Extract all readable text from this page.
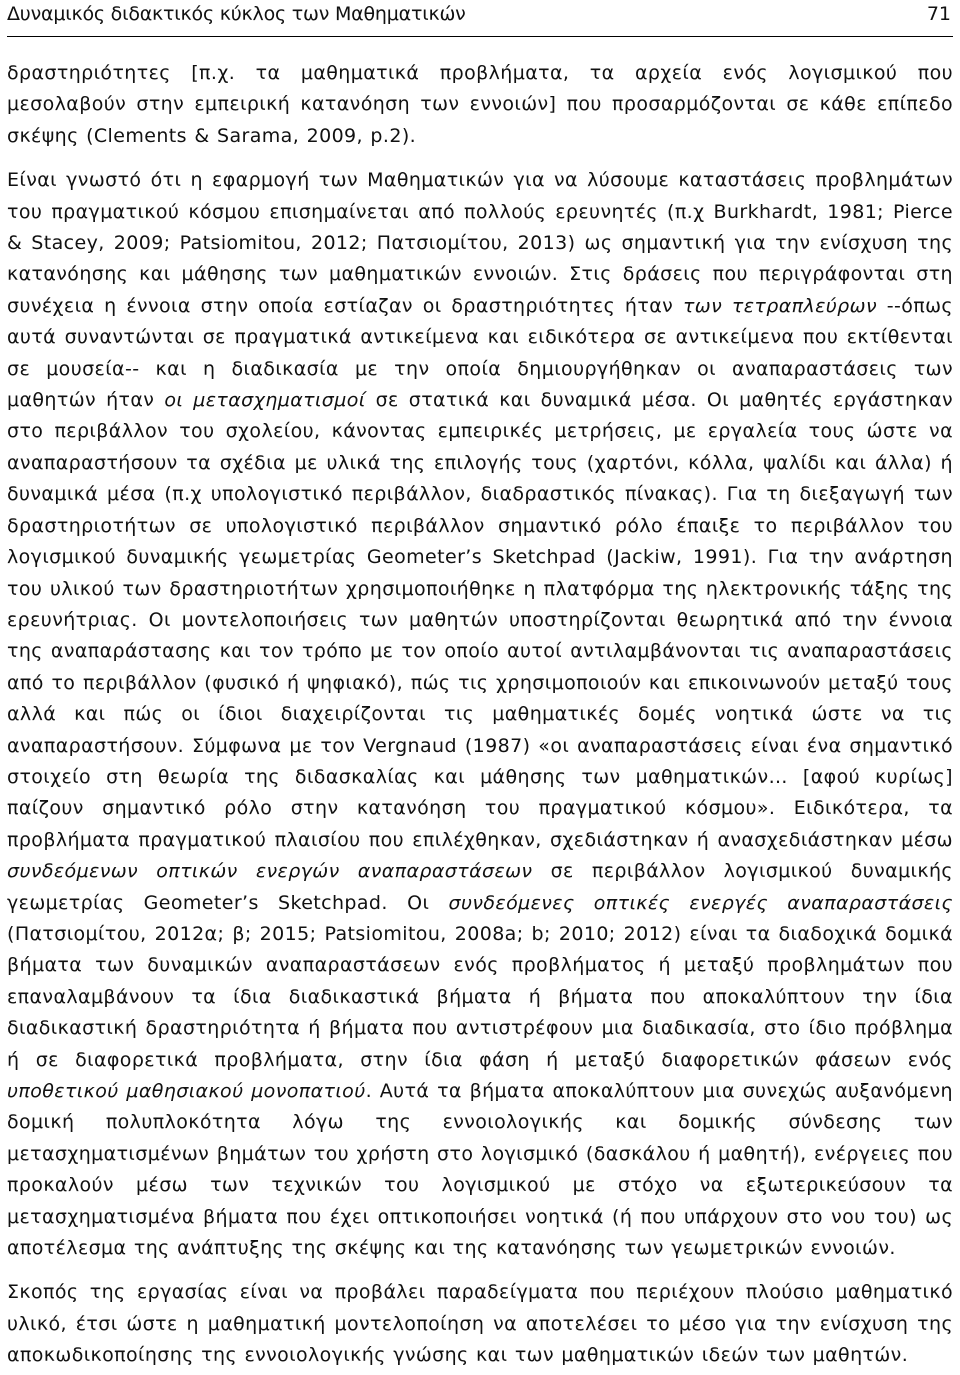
Δυναμικός διδακτικός κύκλος των Μαθηματικών	71

δραστηριότητες [π.χ. τα μαθηματικά προβλήματα, τα αρχεία ενός λογισμικού που μεσολαβούν στην εμπειρική κατανόηση των εννοιών] που προσαρμόζονται σε κάθε επίπεδο σκέψης (Clements & Sarama, 2009, p.2).

Είναι γνωστό ότι η εφαρμογή των Μαθηματικών για να λύσουμε καταστάσεις προβλημάτων του πραγματικού κόσμου επισημαίνεται από πολλούς ερευνητές (π.χ Burkhardt, 1981; Pierce & Stacey, 2009; Patsiomitou, 2012; Πατσιομίτου, 2013) ως σημαντική για την ενίσχυση της κατανόησης και μάθησης των μαθηματικών εννοιών. Στις δράσεις που περιγράφονται στη συνέχεια η έννοια στην οποία εστίαζαν οι δραστηριότητες ήταν των τετραπλεύρων --όπως αυτά συναντώνται σε πραγματικά αντικείμενα και ειδικότερα σε αντικείμενα που εκτίθενται σε μουσεία-- και η διαδικασία με την οποία δημιουργήθηκαν οι αναπαραστάσεις των μαθητών ήταν οι μετασχηματισμοί σε στατικά και δυναμικά μέσα. Οι μαθητές εργάστηκαν στο περιβάλλον του σχολείου, κάνοντας εμπειρικές μετρήσεις, με εργαλεία τους ώστε να αναπαραστήσουν τα σχέδια με υλικά της επιλογής τους (χαρτόνι, κόλλα, ψαλίδι και άλλα) ή δυναμικά μέσα (π.χ υπολογιστικό περιβάλλον, διαδραστικός πίνακας). Για τη διεξαγωγή των δραστηριοτήτων σε υπολογιστικό περιβάλλον σημαντικό ρόλο έπαιξε το περιβάλλον του λογισμικού δυναμικής γεωμετρίας Geometer’s Sketchpad (Jackiw, 1991). Για την ανάρτηση του υλικού των δραστηριοτήτων χρησιμοποιήθηκε η πλατφόρμα της ηλεκτρονικής τάξης της ερευνήτριας. Οι μοντελοποιήσεις των μαθητών υποστηρίζονται θεωρητικά από την έννοια της αναπαράστασης και τον τρόπο με τον οποίο αυτοί αντιλαμβάνονται τις αναπαραστάσεις από το περιβάλλον (φυσικό ή ψηφιακό), πώς τις χρησιμοποιούν και επικοινωνούν μεταξύ τους αλλά και πώς οι ίδιοι διαχειρίζονται τις μαθηματικές δομές νοητικά ώστε να τις αναπαραστήσουν. Σύμφωνα με τον Vergnaud (1987) «οι αναπαραστάσεις είναι ένα σημαντικό στοιχείο στη θεωρία της διδασκαλίας και μάθησης των μαθηματικών… [αφού κυρίως] παίζουν σημαντικό ρόλο στην κατανόηση του πραγματικού κόσμου». Ειδικότερα, τα προβλήματα πραγματικού πλαισίου που επιλέχθηκαν, σχεδιάστηκαν ή ανασχεδιάστηκαν μέσω συνδεόμενων οπτικών ενεργών αναπαραστάσεων σε περιβάλλον λογισμικού δυναμικής γεωμετρίας Geometer’s Sketchpad. Οι συνδεόμενες οπτικές ενεργές αναπαραστάσεις (Πατσιομίτου, 2012α; β; 2015; Patsiomitou, 2008a; b; 2010; 2012) είναι τα διαδοχικά δομικά βήματα των δυναμικών αναπαραστάσεων ενός προβλήματος ή μεταξύ προβλημάτων που επαναλαμβάνουν τα ίδια διαδικαστικά βήματα ή βήματα που αποκαλύπτουν την ίδια διαδικαστική δραστηριότητα ή βήματα που αντιστρέφουν μια διαδικασία, στο ίδιο πρόβλημα ή σε διαφορετικά προβλήματα, στην ίδια φάση ή μεταξύ διαφορετικών φάσεων ενός υποθετικού μαθησιακού μονοπατιού. Αυτά τα βήματα αποκαλύπτουν μια συνεχώς αυξανόμενη δομική πολυπλοκότητα λόγω της εννοιολογικής και δομικής σύνδεσης των μετασχηματισμένων βημάτων του χρήστη στο λογισμικό (δασκάλου ή μαθητή), ενέργειες που προκαλούν μέσω των τεχνικών του λογισμικού με στόχο να εξωτερικεύσουν τα μετασχηματισμένα βήματα που έχει οπτικοποιήσει νοητικά (ή που υπάρχουν στο νου του) ως αποτέλεσμα της ανάπτυξης της σκέψης και της κατανόησης των γεωμετρικών εννοιών.

Σκοπός της εργασίας είναι να προβάλει παραδείγματα που περιέχουν πλούσιο μαθηματικό υλικό, έτσι ώστε η μαθηματική μοντελοποίηση να αποτελέσει το μέσο για την ενίσχυση της αποκωδικοποίησης της εννοιολογικής γνώσης και των μαθηματικών ιδεών των μαθητών.
